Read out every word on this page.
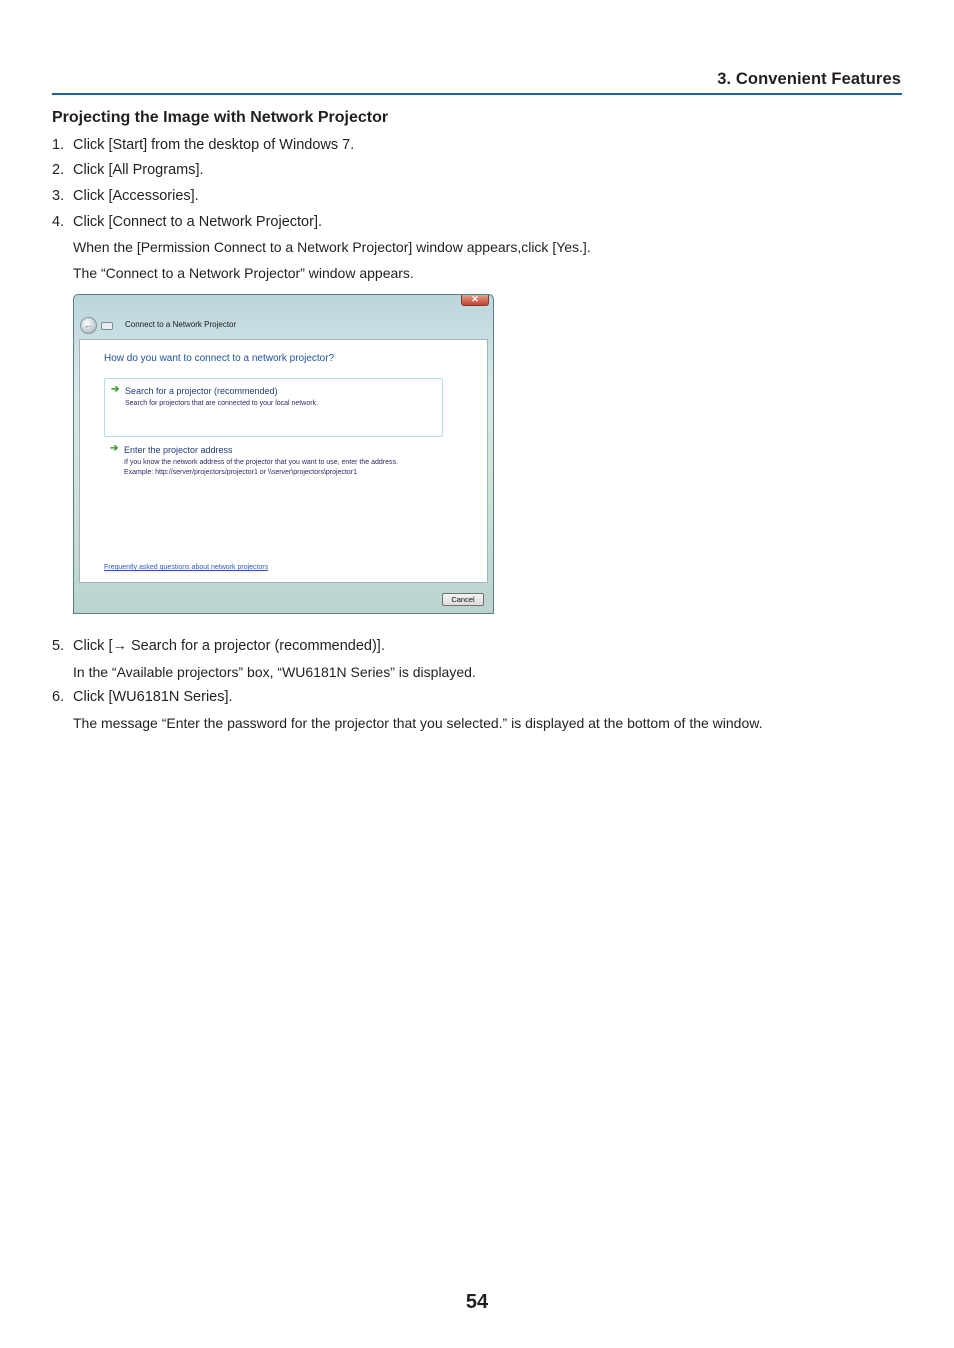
3. Convenient Features
Projecting the Image with Network Projector
1. Click [Start] from the desktop of Windows 7.
2. Click [All Programs].
3. Click [Accessories].
4. Click [Connect to a Network Projector].
When the [Permission Connect to a Network Projector] window appears,click [Yes.].
The “Connect to a Network Projector” window appears.
✕
←	Connect to a Network Projector
How do you want to connect to a network projector?
➔ Search for a projector (recommended)
Search for projectors that are connected to your local network.
➔ Enter the projector address
If you know the network address of the projector that you want to use, enter the address.
Example: http://server/projectors/projector1 or \\server\projectors\projector1
Frequently asked questions about network projectors
Cancel
5. Click [→ Search for a projector (recommended)].
In the “Available projectors” box, “WU6181N Series” is displayed.
6. Click [WU6181N Series].
The message “Enter the password for the projector that you selected.” is displayed at the bottom of the window.
54
